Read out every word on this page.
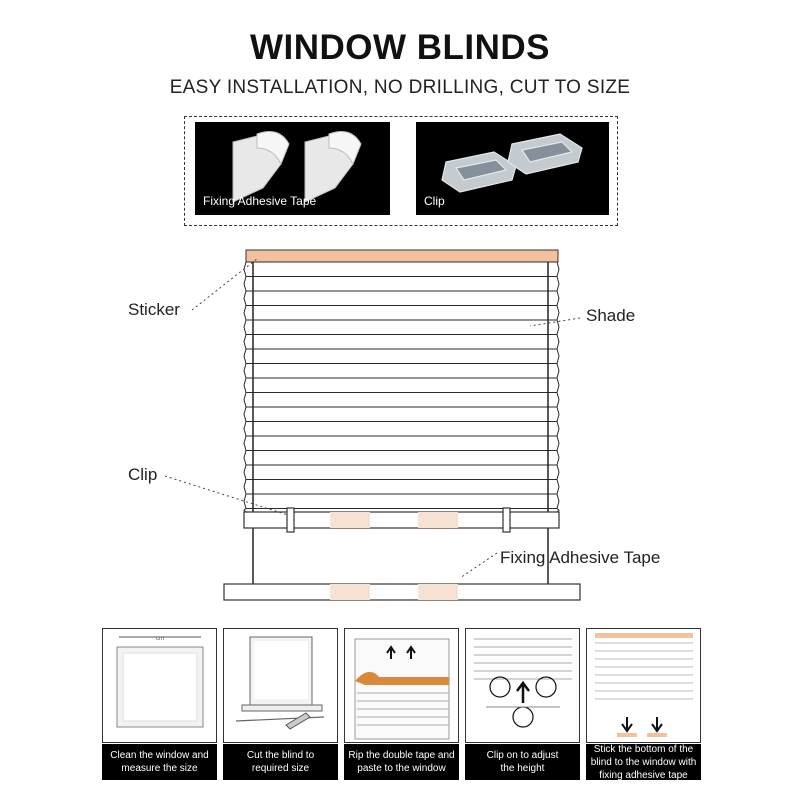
WINDOW BLINDS
EASY INSTALLATION, NO DRILLING, CUT TO SIZE
Fixing Adhesive Tape	Clip
Sticker	Shade
Clip
Fixing Adhesive Tape
cm
Clean the window and
measure the size
Cut the blind to
required size
Rip the double tape and
paste to the window
Clip on to adjust
the height
Stick the bottom of the
blind to the window with
fixing adhesive tape
